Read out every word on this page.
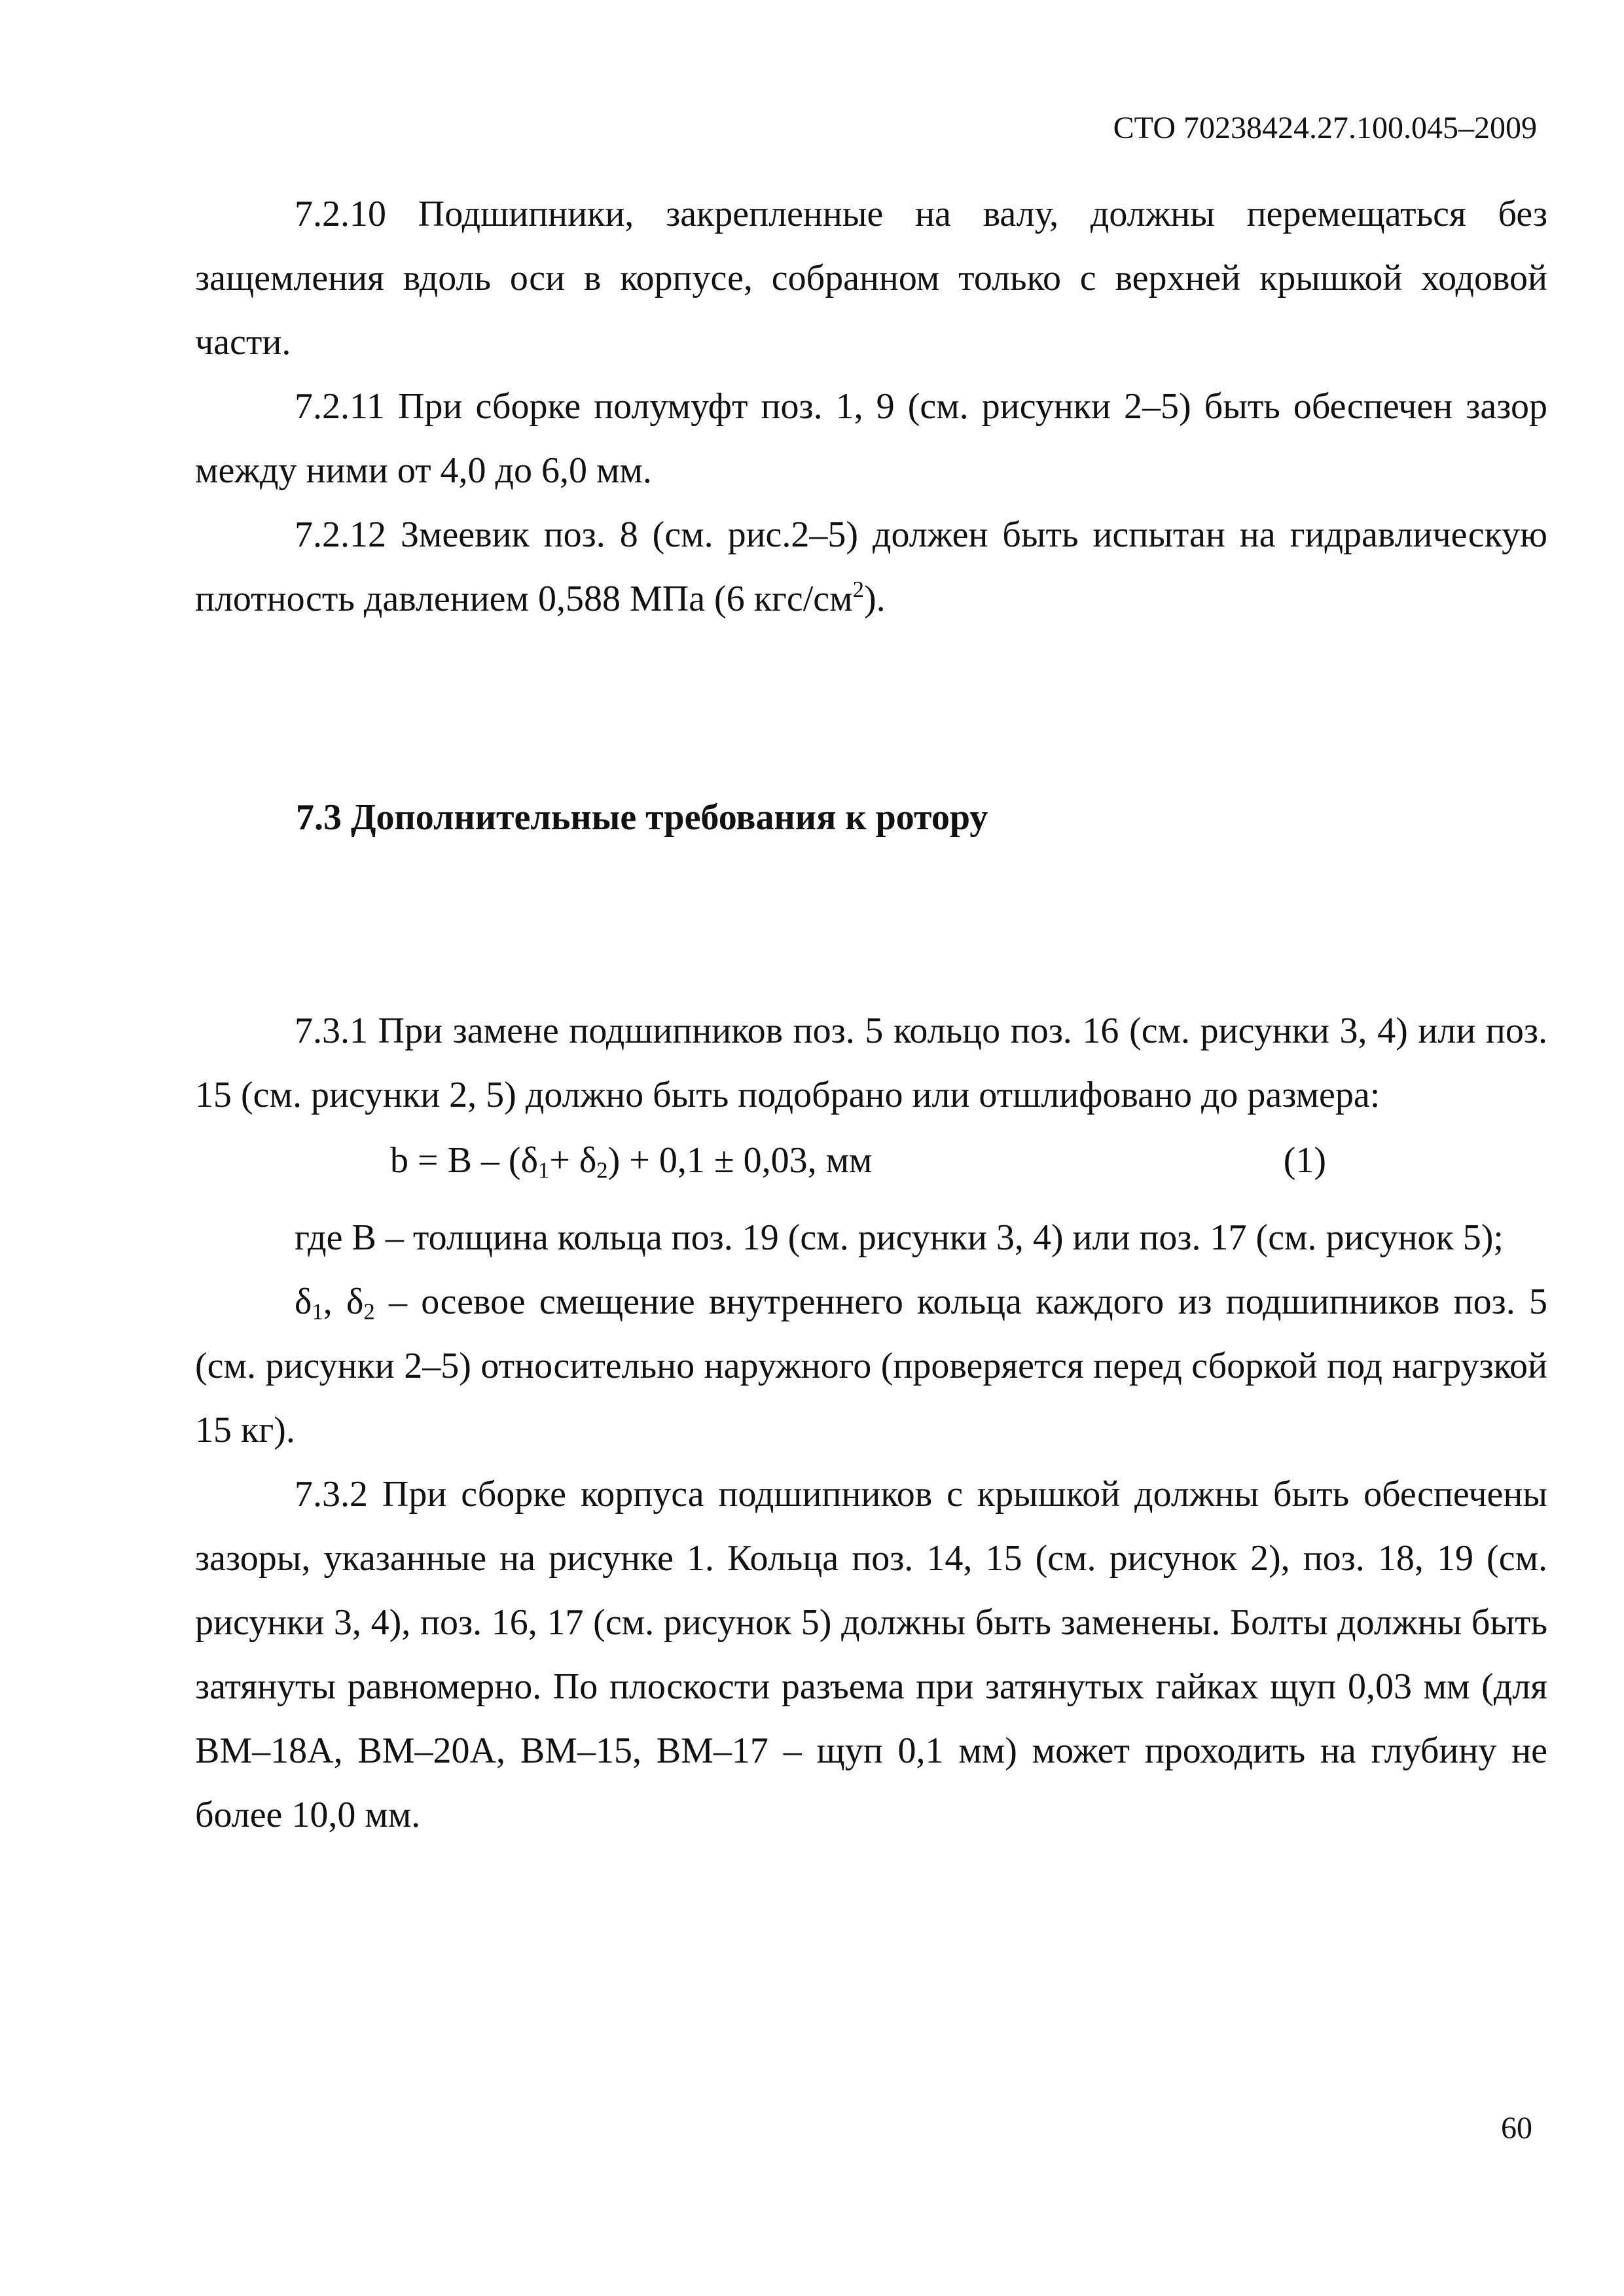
СТО 70238424.27.100.045–2009

7.2.10 Подшипники, закрепленные на валу, должны перемещаться без защемления вдоль оси в корпусе, собранном только с верхней крышкой ходовой части.

7.2.11 При сборке полумуфт поз. 1, 9 (см. рисунки 2–5) быть обеспечен зазор между ними от 4,0 до 6,0 мм.

7.2.12 Змеевик поз. 8 (см. рис.2–5) должен быть испытан на гидравлическую плотность давлением 0,588 МПа (6 кгс/$см^2$).

7.3 Дополнительные требования к ротору

7.3.1 При замене подшипников поз. 5 кольцо поз. 16 (см. рисунки 3, 4) или поз. 15 (см. рисунки 2, 5) должно быть подобрано или отшлифовано до размера:

$b = B - (\delta_1+ \delta_2) + 0,1 \pm 0,03$, мм	(1)

где B – толщина кольца поз. 19 (см. рисунки 3, 4) или поз. 17 (см. рисунок 5);

$\delta_1$, $\delta_2$ – осевое смещение внутреннего кольца каждого из подшипников поз. 5 (см. рисунки 2–5) относительно наружного (проверяется перед сборкой под нагрузкой 15 кг).

7.3.2 При сборке корпуса подшипников с крышкой должны быть обеспечены зазоры, указанные на рисунке 1. Кольца поз. 14, 15 (см. рисунок 2), поз. 18, 19 (см. рисунки 3, 4), поз. 16, 17 (см. рисунок 5) должны быть заменены. Болты должны быть затянуты равномерно. По плоскости разъема при затянутых гайках щуп 0,03 мм (для ВМ–18А, ВМ–20А, ВМ–15, ВМ–17 – щуп 0,1 мм) может проходить на глубину не более 10,0 мм.

60
